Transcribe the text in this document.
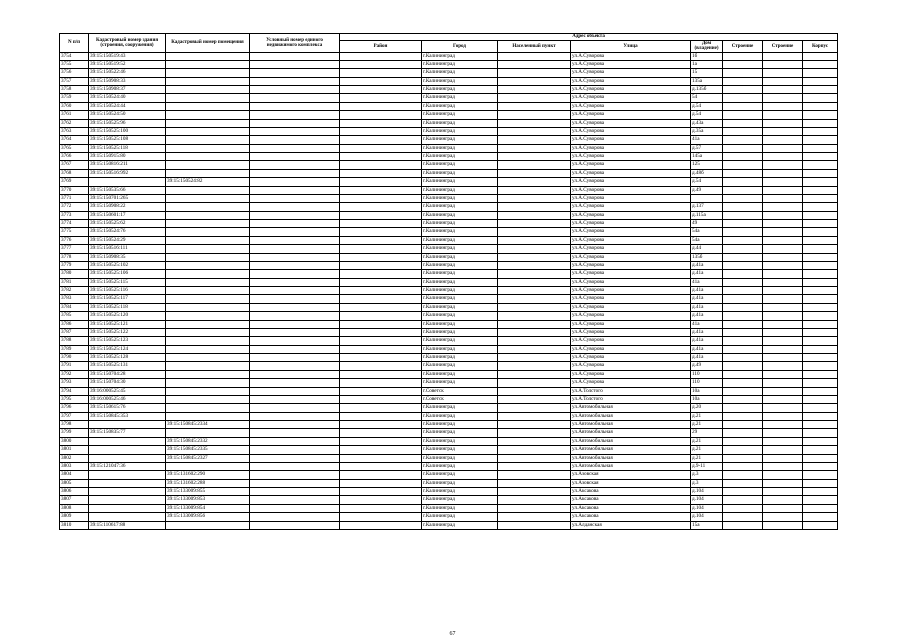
N п/п	Кадастровый номер здания (строения, сооружения)	Кадастровый номер помещения	Условный номер единого недвижимого комплекса	Адрес объекта							
				Район	Город	Населенный пункт	Улица	Дом (владение)	Строение	Строение	Корпус
3754	39:15:150519:43				г.Калининград		ул.А.Суворова	1б			
3755	39:15:150519:52				г.Калининград		ул.А.Суворова	1а			
3756	39:15:150522:46				г.Калининград		ул.А.Суворова	15			
3757	39:15:150908:33				г.Калининград		ул.А.Суворова	135а			
3758	39:15:150908:37				г.Калининград		ул.А.Суворова	д.135б			
3759	39:15:150524:40				г.Калининград		ул.А.Суворова	54			
3760	39:15:150524:44				г.Калининград		ул.А.Суворова	д.54			
3761	39:15:150524:50				г.Калининград		ул.А.Суворова	д.54			
3762	39:15:150525:96				г.Калининград		ул.А.Суворова	д.43а			
3763	39:15:150525:100				г.Калининград		ул.А.Суворова	д.35а			
3764	39:15:150525:108				г.Калининград		ул.А.Суворова	41а			
3765	39:15:150525:118				г.Калининград		ул.А.Суворова	д.57			
3766	39:15:150915:80				г.Калининград		ул.А.Суворова	145а			
3767	39:15:150816:211				г.Калининград		ул.А.Суворова	125			
3768	39:15:150516:992				г.Калининград		ул.А.Суворова	д.48б			
3769		39:15:150524:82			г.Калининград		ул.А.Суворова	д.54			
3770	39:15:150535:66				г.Калининград		ул.А.Суворова	д.49			
3771	39:15:150701:265				г.Калининград		ул.А.Суворова				
3772	39:15:150908:22				г.Калининград		ул.А.Суворова	д.137			
3773	39:15:150601:17				г.Калининград		ул.А.Суворова	д.115а			
3774	39:15:150525:62				г.Калининград		ул.А.Суворова	49			
3775	39:15:150524:76				г.Калининград		ул.А.Суворова	54а			
3776	39:15:150524:29				г.Калининград		ул.А.Суворова	54а			
3777	39:15:150516:111				г.Калининград		ул.А.Суворова	д.44			
3778	39:15:150908:35				г.Калининград		ул.А.Суворова	135б			
3779	39:15:150525:102				г.Калининград		ул.А.Суворова	д.41а			
3780	39:15:150525:106				г.Калининград		ул.А.Суворова	д.41а			
3781	39:15:150525:115				г.Калининград		ул.А.Суворова	41а			
3782	39:15:150525:116				г.Калининград		ул.А.Суворова	д.41а			
3783	39:15:150525:117				г.Калининград		ул.А.Суворова	д.41а			
3784	39:15:150525:118				г.Калининград		ул.А.Суворова	д.41а			
3785	39:15:150525:120				г.Калининград		ул.А.Суворова	д.41а			
3786	39:15:150525:121				г.Калининград		ул.А.Суворова	41а			
3787	39:15:150525:122				г.Калининград		ул.А.Суворова	д.41а			
3788	39:15:150525:123				г.Калининград		ул.А.Суворова	д.41а			
3789	39:15:150525:124				г.Калининград		ул.А.Суворова	д.41а			
3790	39:15:150525:128				г.Калининград		ул.А.Суворова	д.41а			
3791	39:15:150525:131				г.Калининград		ул.А.Суворова	д.49			
3792	39:15:150704:28				г.Калининград		ул.А.Суворова	110			
3793	39:15:150704:30				г.Калининград		ул.А.Суворова	110			
3794	39:16:000525:45				г.Советск		ул.А.Толстого	10а			
3795	39:16:000525:46				г.Советск		ул.А.Толстого	10а			
3796	39:15:150615:76				г.Калининград		ул.Автомобильная	д.20			
3797	39:15:150845:353				г.Калининград		ул.Автомобильная	д.21			
3798		39:15:150845:2334			г.Калининград		ул.Автомобильная	д.21			
3799	39:15:150835:77				г.Калининград		ул.Автомобильная	29			
3800		39:15:150845:2332			г.Калининград		ул.Автомобильная	д.21			
3801		39:15:150845:2335			г.Калининград		ул.Автомобильная	д.21			
3802		39:15:150845:2327			г.Калининград		ул.Автомобильная	д.21			
3803	39:15:121047:36				г.Калининград		ул.Автомобильная	д.9-11			
3804		39:15:131602:290			г.Калининград		ул.Азовская	д.3			
3805		39:15:131602:288			г.Калининград		ул.Азовская	д.3			
3806		39:15:133009:855			г.Калининград		ул.Аксакова	д.104			
3807		39:15:133009:853			г.Калининград		ул.Аксакова	д.104			
3808		39:15:133009:854			г.Калининград		ул.Аксакова	д.104			
3809		39:15:133009:856			г.Калининград		ул.Аксакова	д.104			
3810	39:15:110617:88				г.Калининград		ул.Алданская	15а			
67
